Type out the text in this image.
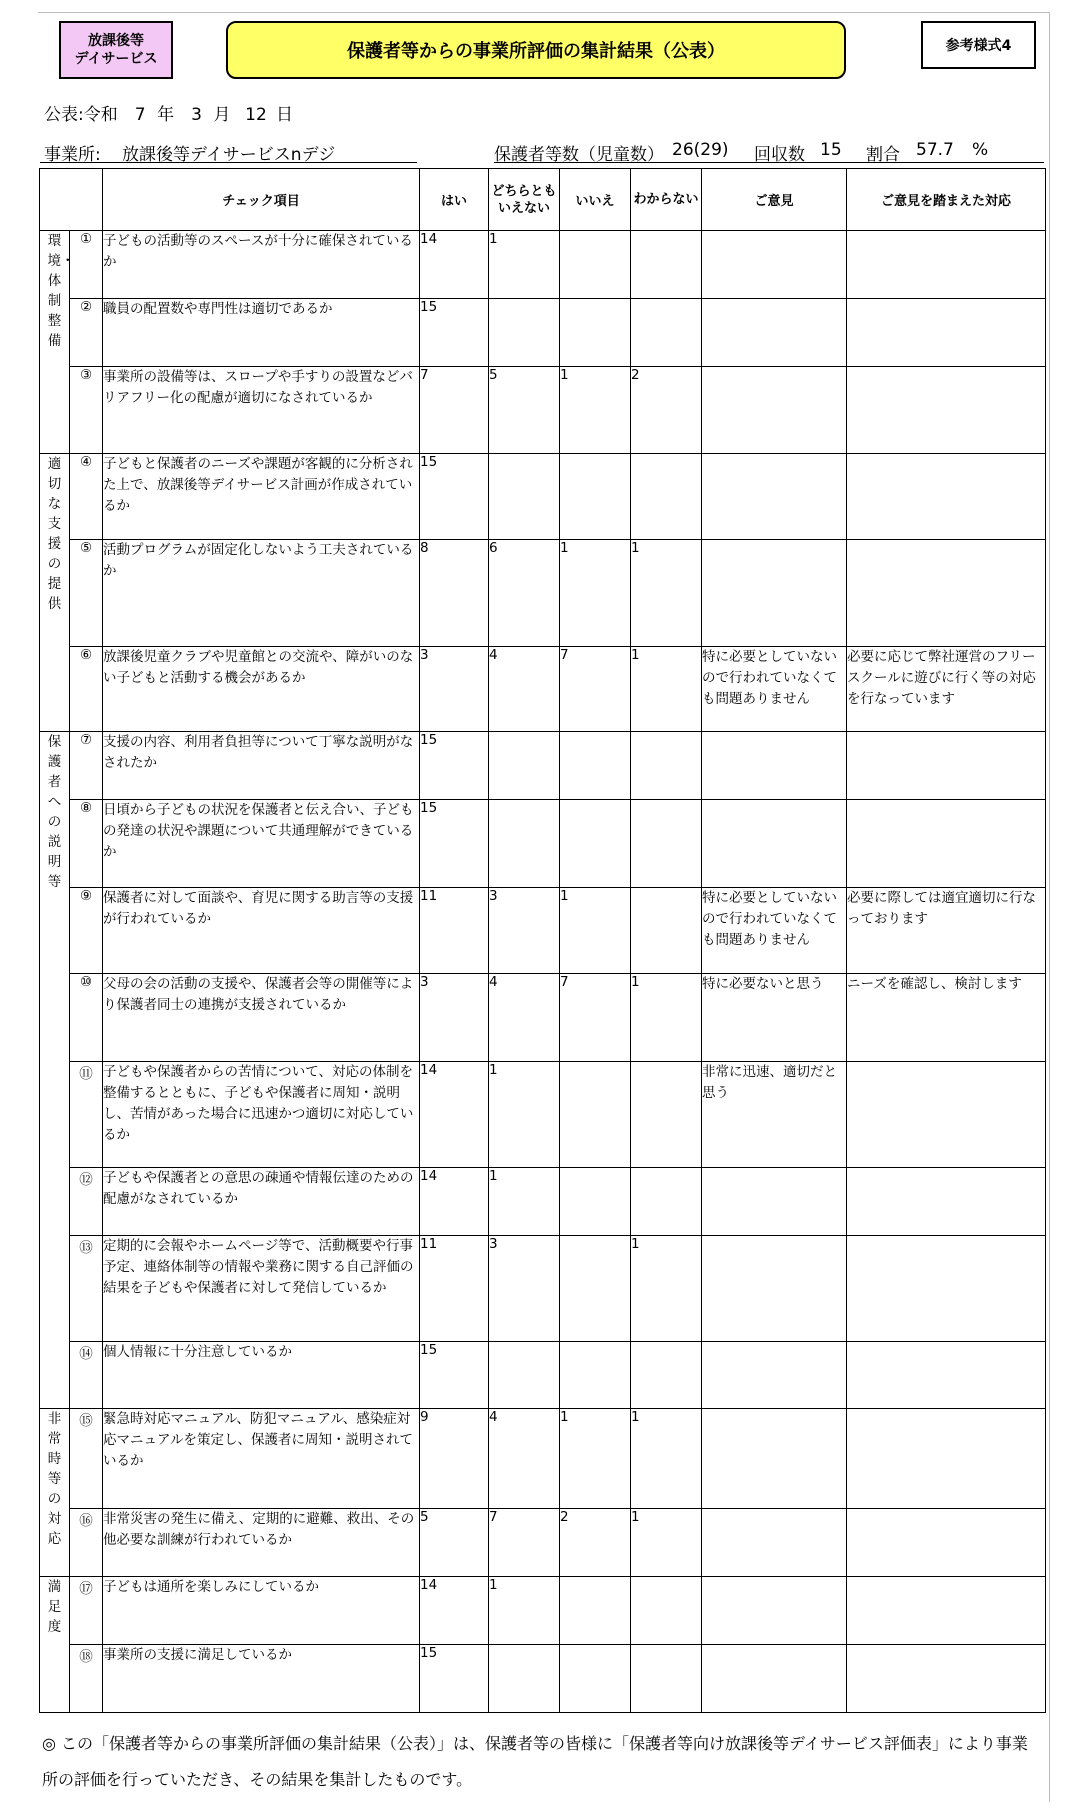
放課後等
デイサービス	保護者等からの事業所評価の集計結果（公表）	参考様式4
公表:令和 7 年 3 月 12 日
事業所: 放課後等デイサービスnデジ	保護者等数（児童数） 26(29) 回収数 15 割合 57.7 %
		チェック項目	はい	どちらとも
いえない	いいえ	わからない	ご意見	ご意見を踏まえた対応
環境・体制整備	①	子どもの活動等のスペースが十分に確保されているか	14	1				
	②	職員の配置数や専門性は適切であるか	15					
	③	事業所の設備等は、スロープや手すりの設置などバリアフリー化の配慮が適切になされているか	7	5	1	2		
適切な支援の提供	④	子どもと保護者のニーズや課題が客観的に分析された上で、放課後等デイサービス計画が作成されているか	15					
	⑤	活動プログラムが固定化しないよう工夫されているか	8	6	1	1		
	⑥	放課後児童クラブや児童館との交流や、障がいのない子どもと活動する機会があるか	3	4	7	1	特に必要としていないので行われていなくても問題ありません	必要に応じて弊社運営のフリースクールに遊びに行く等の対応を行なっています
保護者への説明等	⑦	支援の内容、利用者負担等について丁寧な説明がなされたか	15					
	⑧	日頃から子どもの状況を保護者と伝え合い、子どもの発達の状況や課題について共通理解ができているか	15					
	⑨	保護者に対して面談や、育児に関する助言等の支援が行われているか	11	3	1		特に必要としていないので行われていなくても問題ありません	必要に際しては適宜適切に行なっております
	⑩	父母の会の活動の支援や、保護者会等の開催等により保護者同士の連携が支援されているか	3	4	7	1	特に必要ないと思う	ニーズを確認し、検討します
	⑪	子どもや保護者からの苦情について、対応の体制を整備するとともに、子どもや保護者に周知・説明し、苦情があった場合に迅速かつ適切に対応しているか	14	1			非常に迅速、適切だと思う	
	⑫	子どもや保護者との意思の疎通や情報伝達のための配慮がなされているか	14	1				
	⑬	定期的に会報やホームページ等で、活動概要や行事予定、連絡体制等の情報や業務に関する自己評価の結果を子どもや保護者に対して発信しているか	11	3		1		
	⑭	個人情報に十分注意しているか	15					
非常時等の対応	⑮	緊急時対応マニュアル、防犯マニュアル、感染症対応マニュアルを策定し、保護者に周知・説明されているか	9	4	1	1		
	⑯	非常災害の発生に備え、定期的に避難、救出、その他必要な訓練が行われているか	5	7	2	1		
満足度	⑰	子どもは通所を楽しみにしているか	14	1				
	⑱	事業所の支援に満足しているか	15					
◎ この「保護者等からの事業所評価の集計結果（公表）」は、保護者等の皆様に「保護者等向け放課後等デイサービス評価表」により事業所の評価を行っていただき、その結果を集計したものです。
